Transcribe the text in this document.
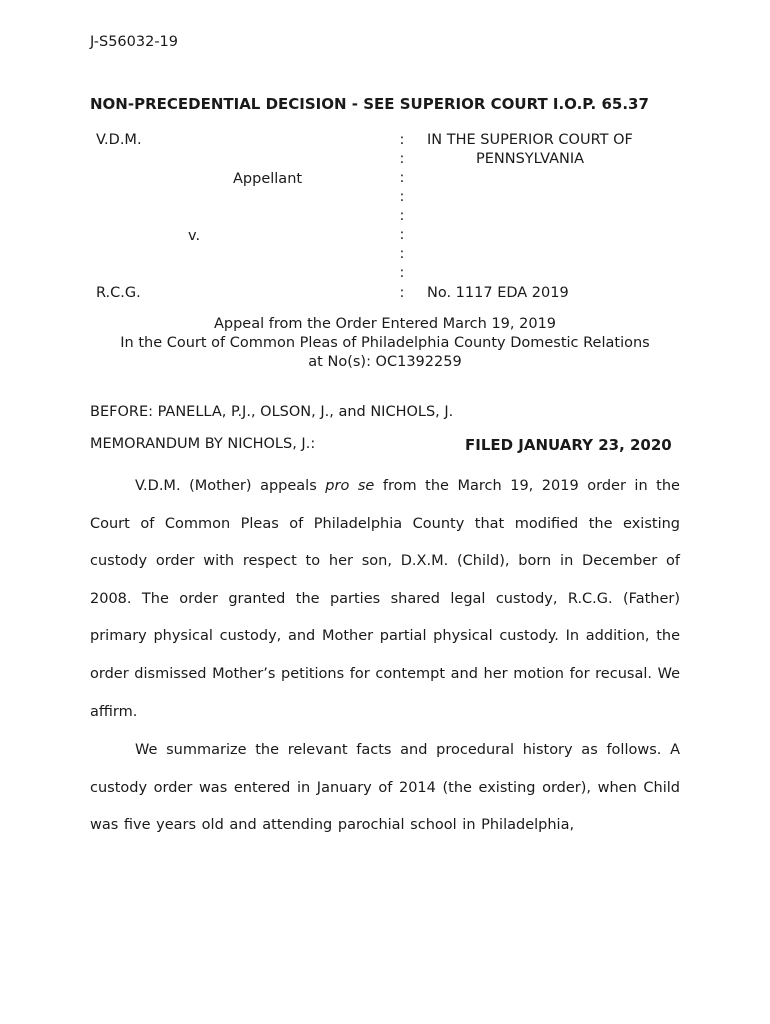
J-S56032-19
NON-PRECEDENTIAL DECISION - SEE SUPERIOR COURT I.O.P. 65.37
V.D.M.
Appellant
v.
R.C.G.
:
:
:
:
:
:
:
:
:
IN THE SUPERIOR COURT OF
PENNSYLVANIA
No. 1117 EDA 2019
Appeal from the Order Entered March 19, 2019
In the Court of Common Pleas of Philadelphia County Domestic Relations
at No(s): OC1392259
BEFORE: PANELLA, P.J., OLSON, J., and NICHOLS, J.
MEMORANDUM BY NICHOLS, J.:	FILED JANUARY 23, 2020

V.D.M. (Mother) appeals pro se from the March 19, 2019 order in the Court of Common Pleas of Philadelphia County that modified the existing custody order with respect to her son, D.X.M. (Child), born in December of 2008. The order granted the parties shared legal custody, R.C.G. (Father) primary physical custody, and Mother partial physical custody. In addition, the order dismissed Mother’s petitions for contempt and her motion for recusal. We affirm.

We summarize the relevant facts and procedural history as follows. A custody order was entered in January of 2014 (the existing order), when Child was five years old and attending parochial school in Philadelphia,
